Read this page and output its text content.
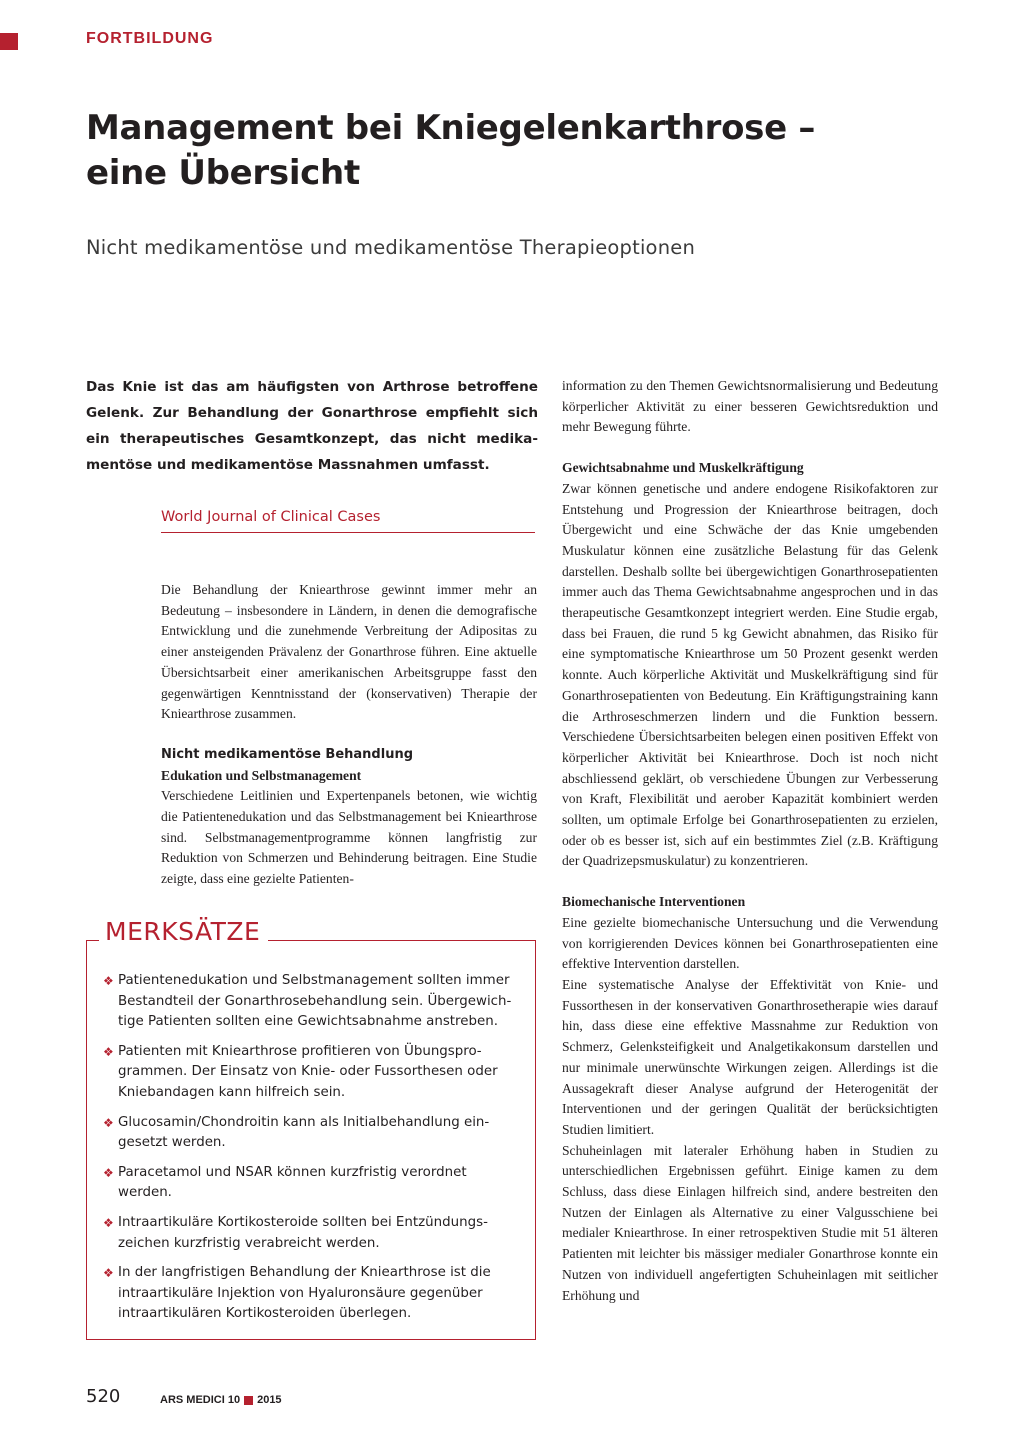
FORTBILDUNG
Management bei Kniegelenkarthrose –
eine Übersicht
Nicht medikamentöse und medikamentöse Therapieoptionen

Das Knie ist das am häufigsten von Arthrose betroffene Gelenk. Zur Behandlung der Gonarthrose empfiehlt sich ein therapeutisches Gesamtkonzept, das nicht medikamentöse und medikamentöse Massnahmen umfasst.

World Journal of Clinical Cases

Die Behandlung der Kniearthrose gewinnt immer mehr an Bedeutung – insbesondere in Ländern, in denen die demografische Entwicklung und die zunehmende Verbreitung der Adipositas zu einer ansteigenden Prävalenz der Gonarthrose führen. Eine aktuelle Übersichtsarbeit einer amerikanischen Arbeitsgruppe fasst den gegenwärtigen Kenntnisstand der (konservativen) Therapie der Kniearthrose zusammen.

Nicht medikamentöse Behandlung

Edukation und Selbstmanagement

Verschiedene Leitlinien und Expertenpanels betonen, wie wichtig die Patientenedukation und das Selbstmanagement bei Kniearthrose sind. Selbstmanagementprogramme können langfristig zur Reduktion von Schmerzen und Behinderung beitragen. Eine Studie zeigte, dass eine gezielte Patienten-

information zu den Themen Gewichtsnormalisierung und Bedeutung körperlicher Aktivität zu einer besseren Gewichtsreduktion und mehr Bewegung führte.

Gewichtsabnahme und Muskelkräftigung

Zwar können genetische und andere endogene Risikofaktoren zur Entstehung und Progression der Kniearthrose beitragen, doch Übergewicht und eine Schwäche der das Knie umgebenden Muskulatur können eine zusätzliche Belastung für das Gelenk darstellen. Deshalb sollte bei übergewichtigen Gonarthrosepatienten immer auch das Thema Gewichtsabnahme angesprochen und in das therapeutische Gesamtkonzept integriert werden. Eine Studie ergab, dass bei Frauen, die rund 5 kg Gewicht abnahmen, das Risiko für eine symptomatische Kniearthrose um 50 Prozent gesenkt werden konnte. Auch körperliche Aktivität und Muskelkräftigung sind für Gonarthrosepatienten von Bedeutung. Ein Kräftigungstraining kann die Arthroseschmerzen lindern und die Funktion bessern. Verschiedene Übersichtsarbeiten belegen einen positiven Effekt von körperlicher Aktivität bei Kniearthrose. Doch ist noch nicht abschliessend geklärt, ob verschiedene Übungen zur Verbesserung von Kraft, Flexibilität und aerober Kapazität kombiniert werden sollten, um optimale Erfolge bei Gonarthrosepatienten zu erzielen, oder ob es besser ist, sich auf ein bestimmtes Ziel (z.B. Kräftigung der Quadrizepsmuskulatur) zu konzentrieren.

Biomechanische Interventionen

Eine gezielte biomechanische Untersuchung und die Verwendung von korrigierenden Devices können bei Gonarthrosepatienten eine effektive Intervention darstellen.

Eine systematische Analyse der Effektivität von Knie- und Fussorthesen in der konservativen Gonarthrosetherapie wies darauf hin, dass diese eine effektive Massnahme zur Reduktion von Schmerz, Gelenksteifigkeit und Analgetikakonsum darstellen und nur minimale unerwünschte Wirkungen zeigen. Allerdings ist die Aussagekraft dieser Analyse aufgrund der Heterogenität der Interventionen und der geringen Qualität der berücksichtigten Studien limitiert.

Schuheinlagen mit lateraler Erhöhung haben in Studien zu unterschiedlichen Ergebnissen geführt. Einige kamen zu dem Schluss, dass diese Einlagen hilfreich sind, andere bestreiten den Nutzen der Einlagen als Alternative zu einer Valgusschiene bei medialer Kniearthrose. In einer retrospektiven Studie mit 51 älteren Patienten mit leichter bis mässiger medialer Gonarthrose konnte ein Nutzen von individuell angefertigten Schuheinlagen mit seitlicher Erhöhung und

MERKSÄTZE
❖ Patientenedukation und Selbstmanagement sollten immer Bestandteil der Gonarthrosebehandlung sein. Übergewichtige Patienten sollten eine Gewichtsabnahme anstreben.
❖ Patienten mit Kniearthrose profitieren von Übungsprogrammen. Der Einsatz von Knie- oder Fussorthesen oder Kniebandagen kann hilfreich sein.
❖ Glucosamin/Chondroitin kann als Initialbehandlung eingesetzt werden.
❖ Paracetamol und NSAR können kurzfristig verordnet werden.
❖ Intraartikuläre Kortikosteroide sollten bei Entzündungszeichen kurzfristig verabreicht werden.
❖ In der langfristigen Behandlung der Kniearthrose ist die intraartikuläre Injektion von Hyaluronsäure gegenüber intraartikulären Kortikosteroiden überlegen.
520	ARS MEDICI 10 2015
